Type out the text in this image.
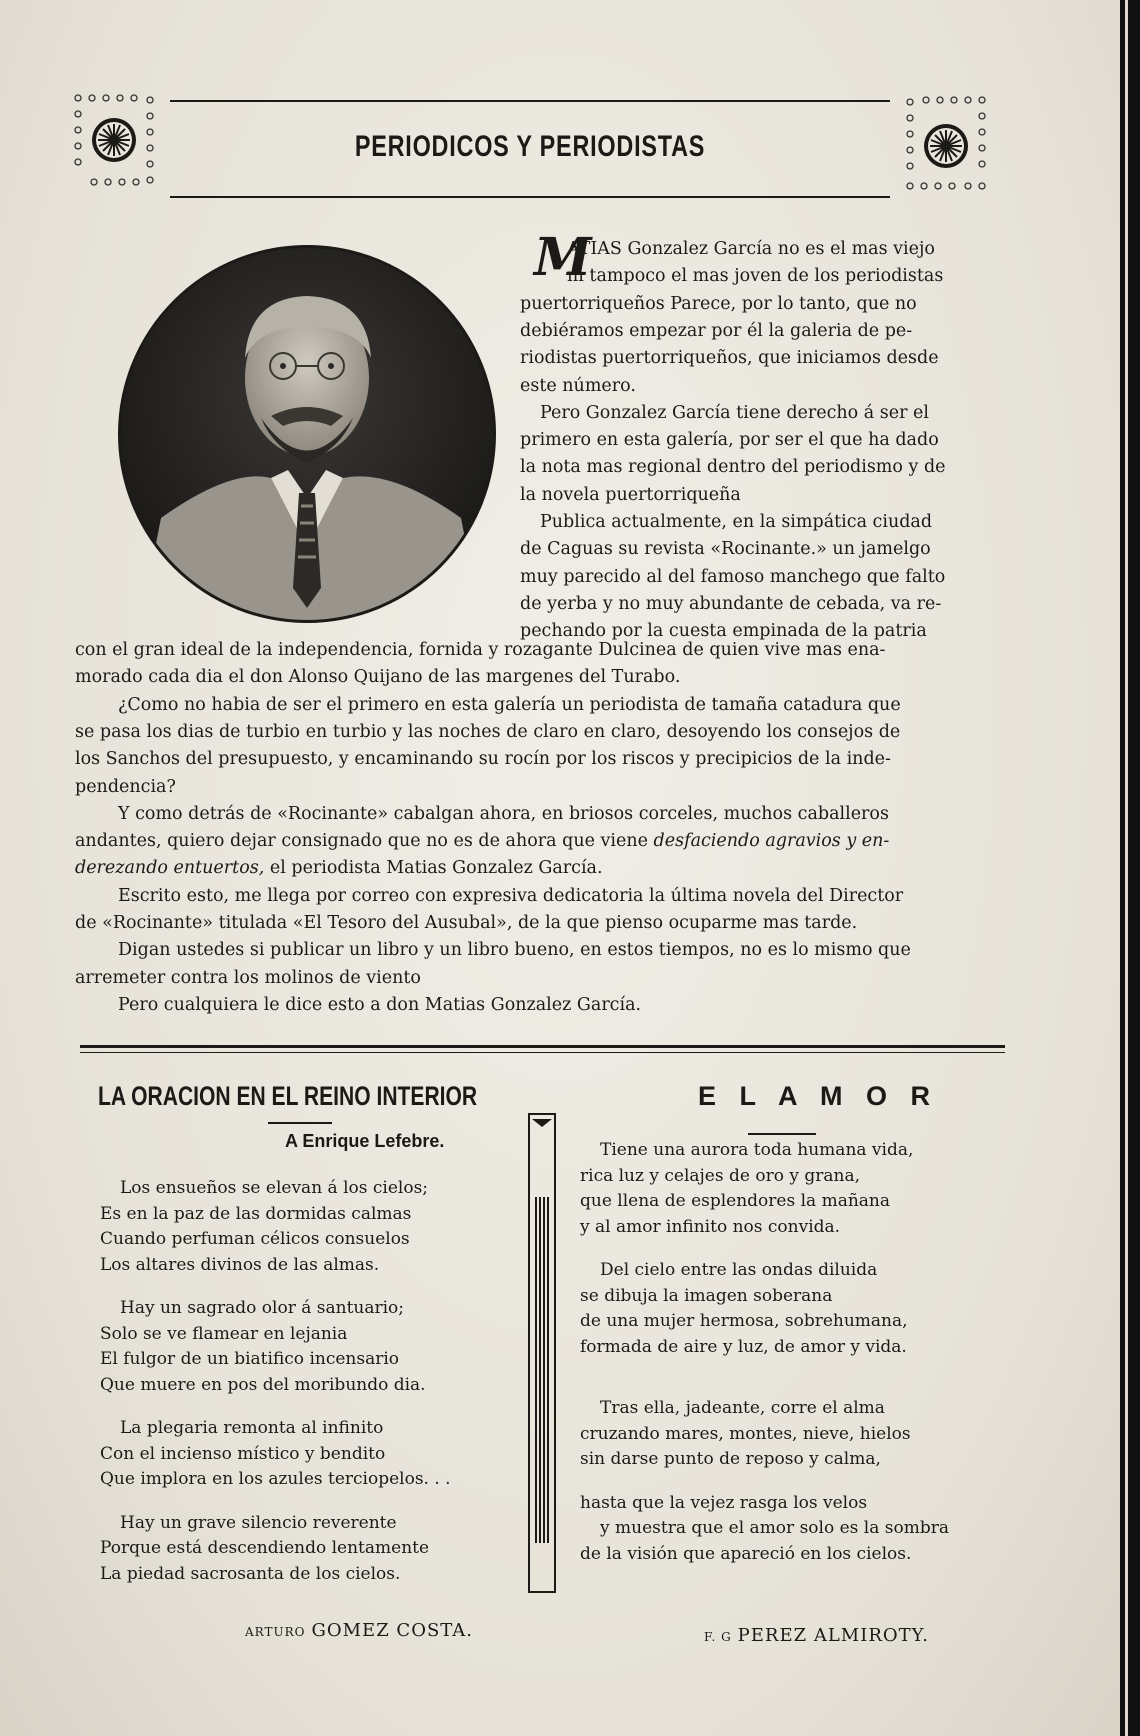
PERIODICOS Y PERIODISTAS
M
ATIAS Gonzalez García no es el mas viejo
ni tampoco el mas joven de los periodistas
puertorriqueños Parece, por lo tanto, que no
debiéramos empezar por él la galeria de pe-
riodistas puertorriqueños, que iniciamos desde
este número.
Pero Gonzalez García tiene derecho á ser el
primero en esta galería, por ser el que ha dado
la nota mas regional dentro del periodismo y de
la novela puertorriqueña
Publica actualmente, en la simpática ciudad
de Caguas su revista «Rocinante.» un jamelgo
muy parecido al del famoso manchego que falto
de yerba y no muy abundante de cebada, va re-
pechando por la cuesta empinada de la patria
con el gran ideal de la independencia, fornida y rozagante Dulcinea de quien vive mas ena-
morado cada dia el don Alonso Quijano de las margenes del Turabo.
¿Como no habia de ser el primero en esta galería un periodista de tamaña catadura que
se pasa los dias de turbio en turbio y las noches de claro en claro, desoyendo los consejos de
los Sanchos del presupuesto, y encaminando su rocín por los riscos y precipicios de la inde-
pendencia?
Y como detrás de «Rocinante» cabalgan ahora, en briosos corceles, muchos caballeros
andantes, quiero dejar consignado que no es de ahora que viene desfaciendo agravios y en-
derezando entuertos, el periodista Matias Gonzalez García.
Escrito esto, me llega por correo con expresiva dedicatoria la última novela del Director
de «Rocinante» titulada «El Tesoro del Ausubal», de la que pienso ocuparme mas tarde.
Digan ustedes si publicar un libro y un libro bueno, en estos tiempos, no es lo mismo que
arremeter contra los molinos de viento
Pero cualquiera le dice esto a don Matias Gonzalez García.
LA ORACION EN EL REINO INTERIOR
A Enrique Lefebre.
Los ensueños se elevan á los cielos;
Es en la paz de las dormidas calmas
Cuando perfuman célicos consuelos
Los altares divinos de las almas.
Hay un sagrado olor á santuario;
Solo se ve flamear en lejania
El fulgor de un biatifico incensario
Que muere en pos del moribundo dia.
La plegaria remonta al infinito
Con el incienso místico y bendito
Que implora en los azules terciopelos. . .
Hay un grave silencio reverente
Porque está descendiendo lentamente
La piedad sacrosanta de los cielos.
ARTURO GOMEZ COSTA.
E L A M O R
Tiene una aurora toda humana vida,
rica luz y celajes de oro y grana,
que llena de esplendores la mañana
y al amor infinito nos convida.
Del cielo entre las ondas diluida
se dibuja la imagen soberana
de una mujer hermosa, sobrehumana,
formada de aire y luz, de amor y vida.
Tras ella, jadeante, corre el alma
cruzando mares, montes, nieve, hielos
sin darse punto de reposo y calma,
hasta que la vejez rasga los velos
y muestra que el amor solo es la sombra
de la visión que apareció en los cielos.
F. G PEREZ ALMIROTY.
